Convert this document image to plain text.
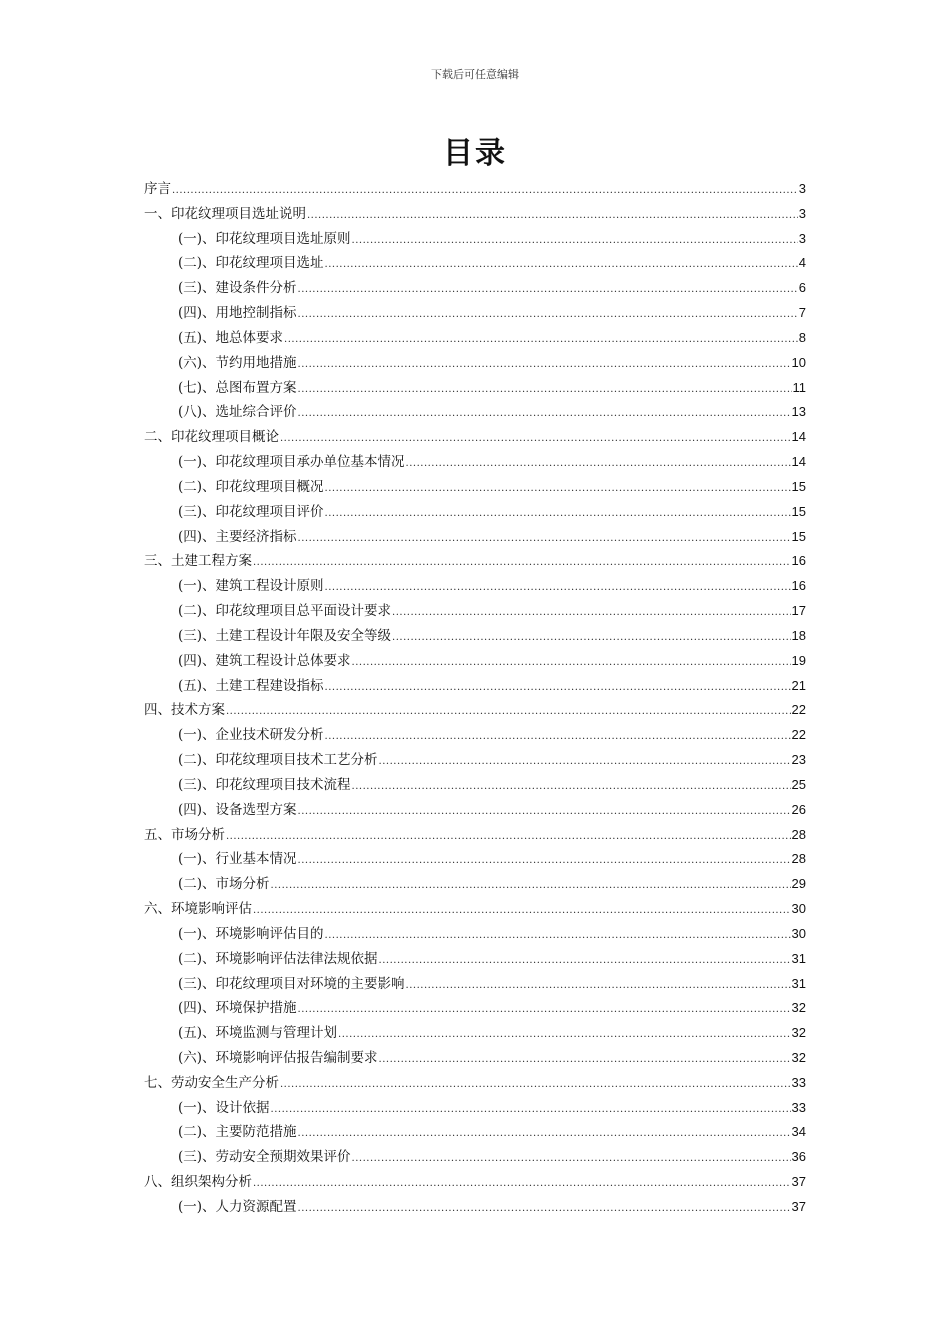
下载后可任意编辑
目录
序言 .....	3
一、印花纹理项目选址说明 .....	3
(一)、印花纹理项目选址原则 .....	3
(二)、印花纹理项目选址 .....	4
(三)、建设条件分析 .....	6
(四)、用地控制指标 .....	7
(五)、地总体要求 .....	8
(六)、节约用地措施 .....	10
(七)、总图布置方案 .....	11
(八)、选址综合评价 .....	13
二、印花纹理项目概论 .....	14
(一)、印花纹理项目承办单位基本情况 .....	14
(二)、印花纹理项目概况 .....	15
(三)、印花纹理项目评价 .....	15
(四)、主要经济指标 .....	15
三、土建工程方案 .....	16
(一)、建筑工程设计原则 .....	16
(二)、印花纹理项目总平面设计要求 .....	17
(三)、土建工程设计年限及安全等级 .....	18
(四)、建筑工程设计总体要求 .....	19
(五)、土建工程建设指标 .....	21
四、技术方案 .....	22
(一)、企业技术研发分析 .....	22
(二)、印花纹理项目技术工艺分析 .....	23
(三)、印花纹理项目技术流程 .....	25
(四)、设备选型方案 .....	26
五、市场分析 .....	28
(一)、行业基本情况 .....	28
(二)、市场分析 .....	29
六、环境影响评估 .....	30
(一)、环境影响评估目的 .....	30
(二)、环境影响评估法律法规依据 .....	31
(三)、印花纹理项目对环境的主要影响 .....	31
(四)、环境保护措施 .....	32
(五)、环境监测与管理计划 .....	32
(六)、环境影响评估报告编制要求 .....	32
七、劳动安全生产分析 .....	33
(一)、设计依据 .....	33
(二)、主要防范措施 .....	34
(三)、劳动安全预期效果评价 .....	36
八、组织架构分析 .....	37
(一)、人力资源配置 .....	37
